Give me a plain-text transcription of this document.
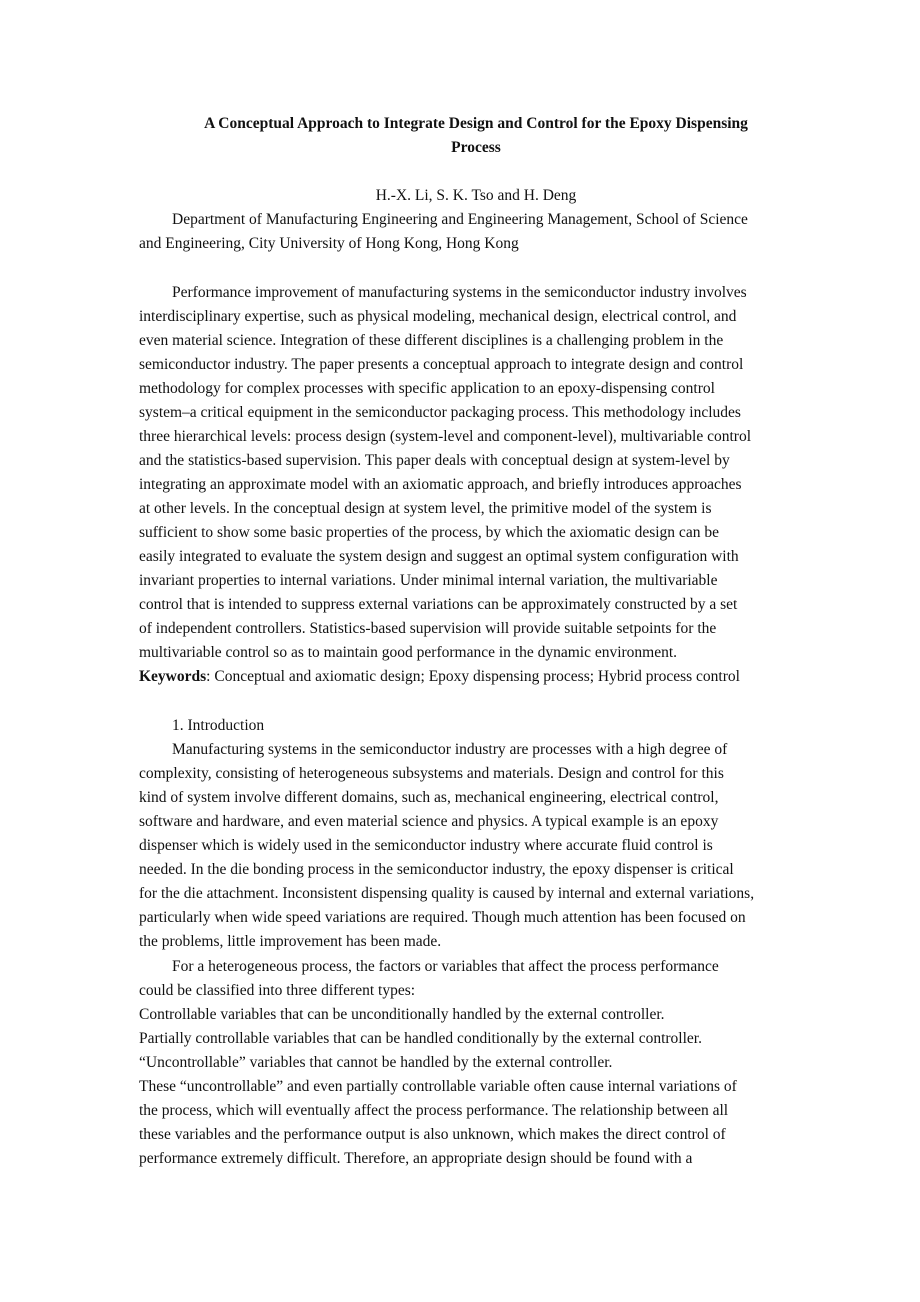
A Conceptual Approach to Integrate Design and Control for the Epoxy Dispensing
Process
H.-X. Li, S. K. Tso and H. Deng
Department of Manufacturing Engineering and Engineering Management, School of Science
and Engineering, City University of Hong Kong, Hong Kong
Performance improvement of manufacturing systems in the semiconductor industry involves
interdisciplinary expertise, such as physical modeling, mechanical design, electrical control, and
even material science. Integration of these different disciplines is a challenging problem in the
semiconductor industry. The paper presents a conceptual approach to integrate design and control
methodology for complex processes with specific application to an epoxy-dispensing control
system–a critical equipment in the semiconductor packaging process. This methodology includes
three hierarchical levels: process design (system-level and component-level), multivariable control
and the statistics-based supervision. This paper deals with conceptual design at system-level by
integrating an approximate model with an axiomatic approach, and briefly introduces approaches
at other levels. In the conceptual design at system level, the primitive model of the system is
sufficient to show some basic properties of the process, by which the axiomatic design can be
easily integrated to evaluate the system design and suggest an optimal system configuration with
invariant properties to internal variations. Under minimal internal variation, the multivariable
control that is intended to suppress external variations can be approximately constructed by a set
of independent controllers. Statistics-based supervision will provide suitable setpoints for the
multivariable control so as to maintain good performance in the dynamic environment.
Keywords: Conceptual and axiomatic design; Epoxy dispensing process; Hybrid process control
1. Introduction
Manufacturing systems in the semiconductor industry are processes with a high degree of
complexity, consisting of heterogeneous subsystems and materials. Design and control for this
kind of system involve different domains, such as, mechanical engineering, electrical control,
software and hardware, and even material science and physics. A typical example is an epoxy
dispenser which is widely used in the semiconductor industry where accurate fluid control is
needed. In the die bonding process in the semiconductor industry, the epoxy dispenser is critical
for the die attachment. Inconsistent dispensing quality is caused by internal and external variations,
particularly when wide speed variations are required. Though much attention has been focused on
the problems, little improvement has been made.
For a heterogeneous process, the factors or variables that affect the process performance
could be classified into three different types:
Controllable variables that can be unconditionally handled by the external controller.
Partially controllable variables that can be handled conditionally by the external controller.
“Uncontrollable” variables that cannot be handled by the external controller.
These “uncontrollable” and even partially controllable variable often cause internal variations of
the process, which will eventually affect the process performance. The relationship between all
these variables and the performance output is also unknown, which makes the direct control of
performance extremely difficult. Therefore, an appropriate design should be found with a
